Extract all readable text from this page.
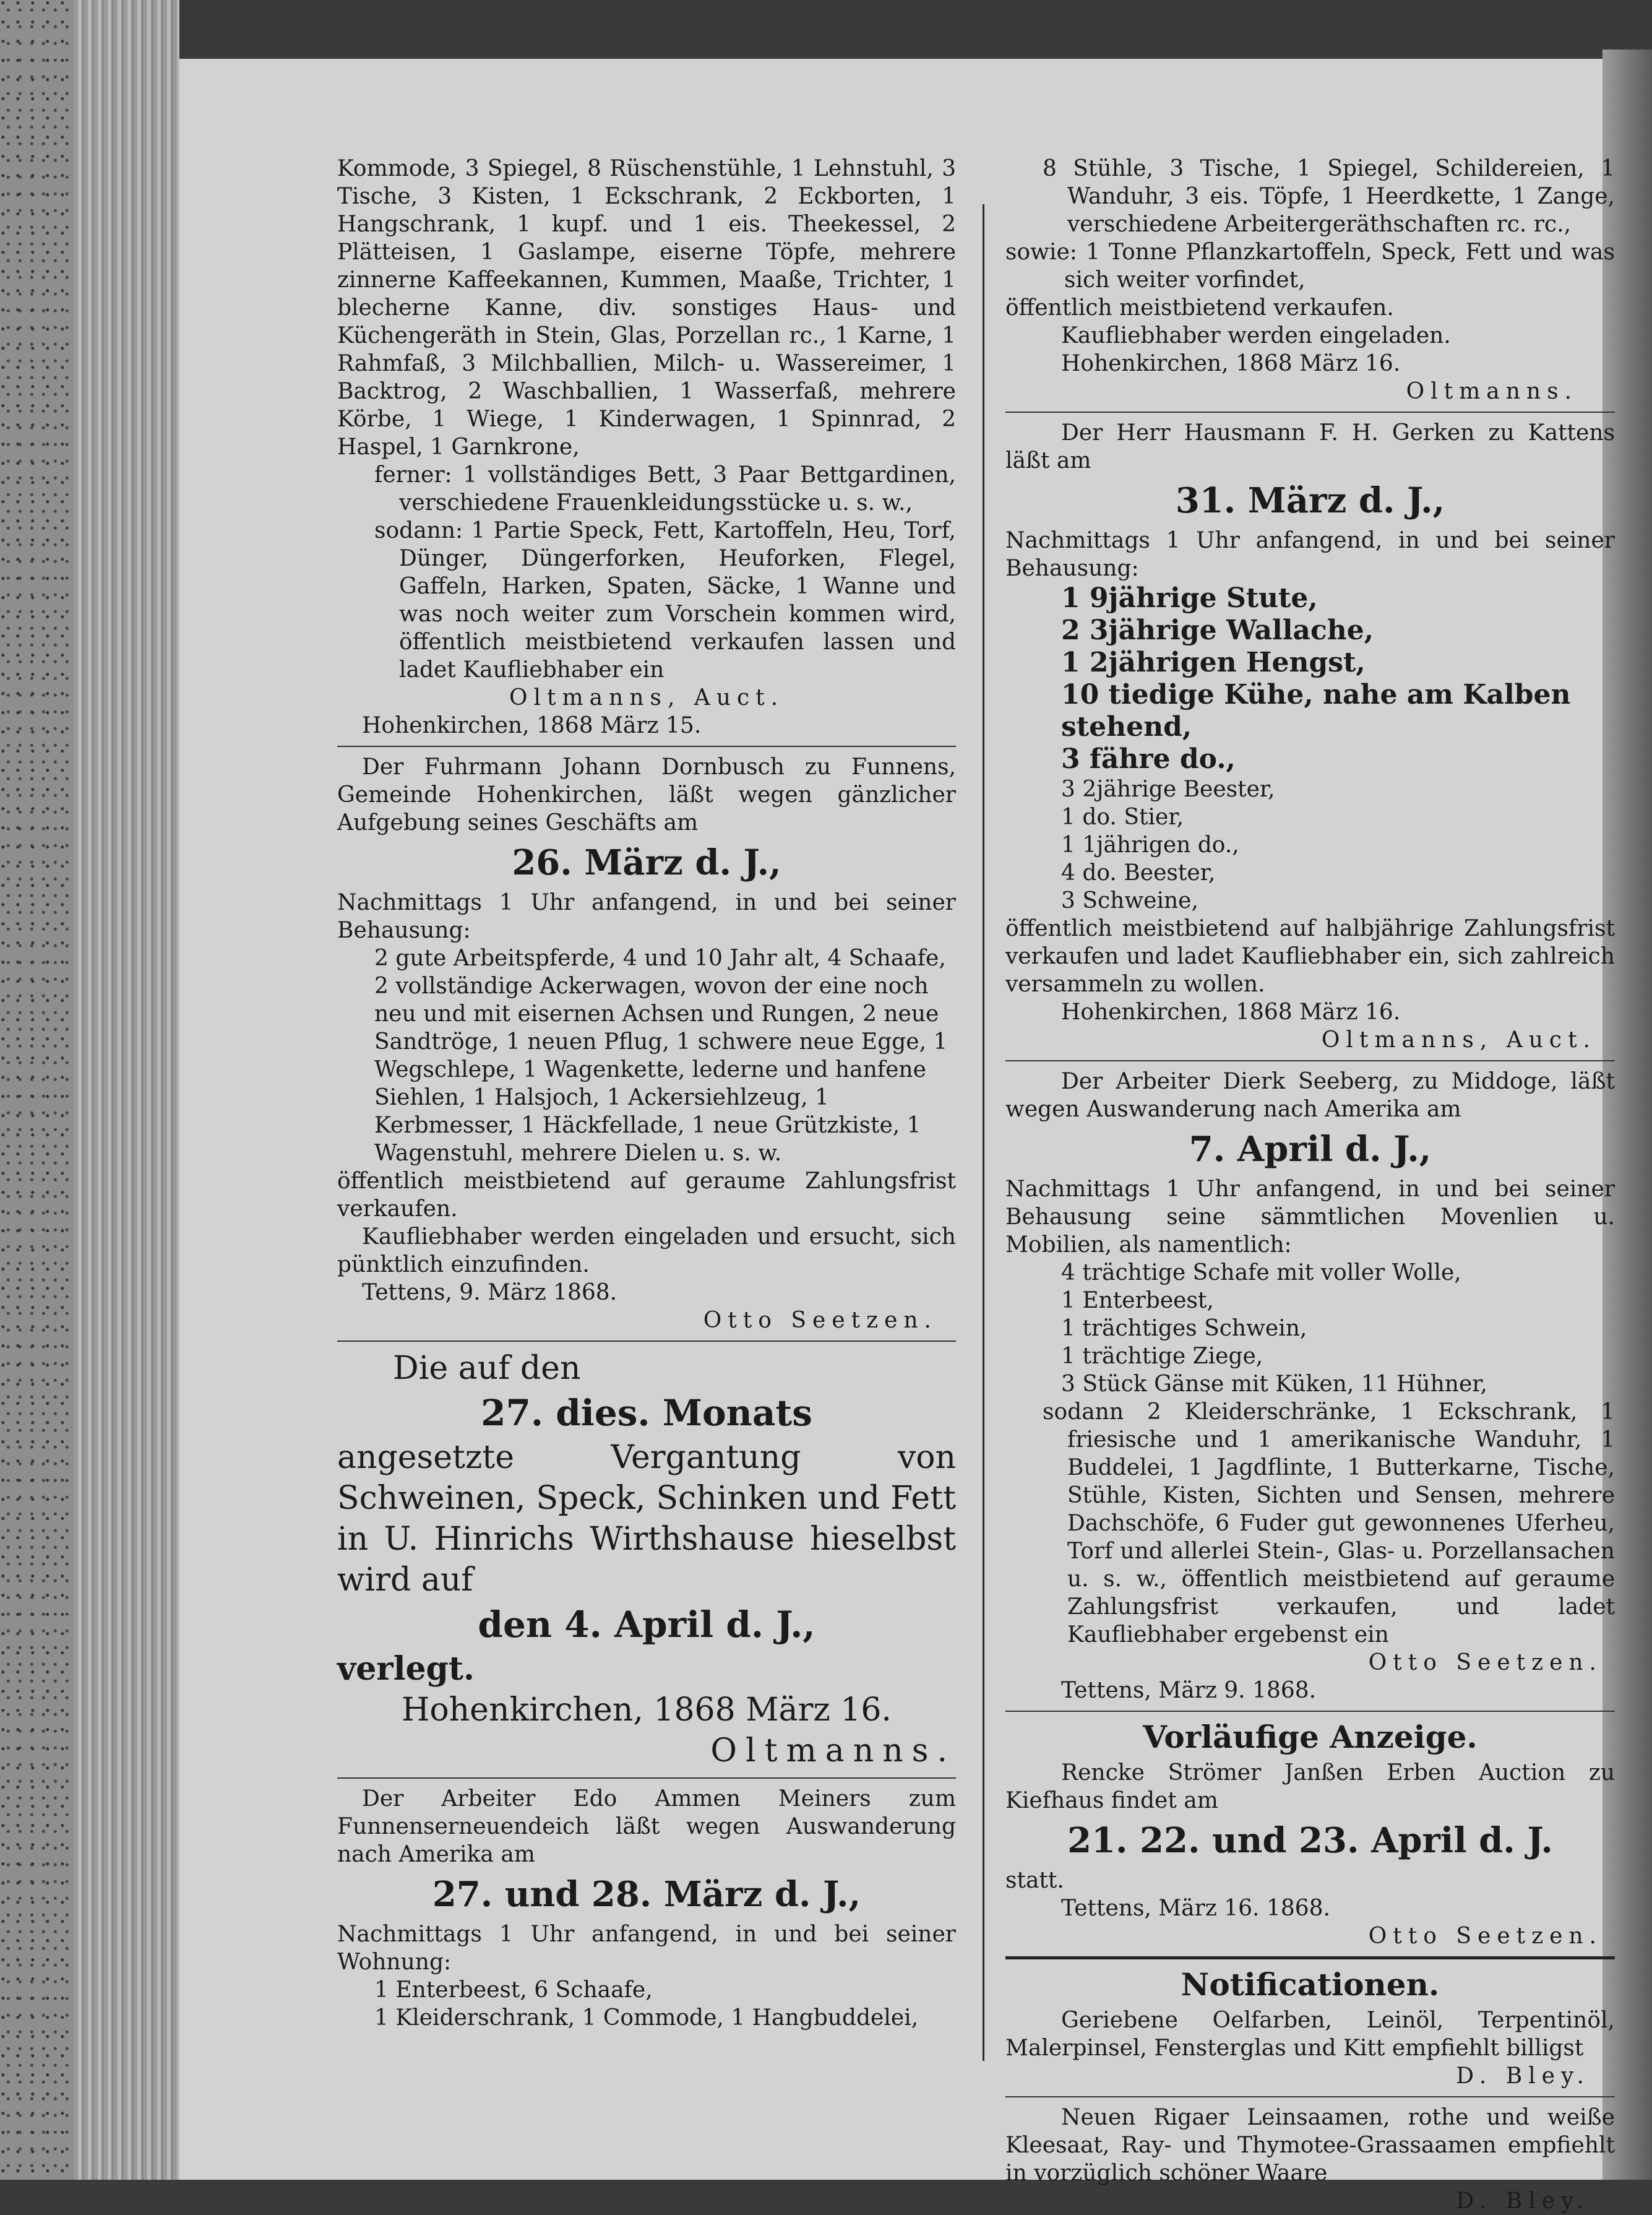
Kommode, 3 Spiegel, 8 Rüschenstühle, 1 Lehnstuhl, 3 Tische, 3 Kisten, 1 Eckschrank, 2 Eckborten, 1 Hangschrank, 1 kupf. und 1 eis. Theekessel, 2 Plätteisen, 1 Gaslampe, eiserne Töpfe, mehrere zinnerne Kaffeekannen, Kummen, Maaße, Trichter, 1 blecherne Kanne, div. sonstiges Haus- und Küchengeräth in Stein, Glas, Porzellan rc., 1 Karne, 1 Rahmfaß, 3 Milchballien, Milch- u. Wassereimer, 1 Backtrog, 2 Waschballien, 1 Wasserfaß, mehrere Körbe, 1 Wiege, 1 Kinderwagen, 1 Spinnrad, 2 Haspel, 1 Garnkrone,

ferner: 1 vollständiges Bett, 3 Paar Bettgardinen, verschiedene Frauenkleidungsstücke u. s. w.,

sodann: 1 Partie Speck, Fett, Kartoffeln, Heu, Torf, Dünger, Düngerforken, Heuforken, Flegel, Gaffeln, Harken, Spaten, Säcke, 1 Wanne und was noch weiter zum Vorschein kommen wird, öffentlich meistbietend verkaufen lassen und ladet Kaufliebhaber ein

Oltmanns, Auct.

Hohenkirchen, 1868 März 15.

Der Fuhrmann Johann Dornbusch zu Funnens, Gemeinde Hohenkirchen, läßt wegen gänzlicher Aufgebung seines Geschäfts am

26. März d. J.,

Nachmittags 1 Uhr anfangend, in und bei seiner Behausung:

2 gute Arbeitspferde, 4 und 10 Jahr alt, 4 Schaafe, 2 vollständige Ackerwagen, wovon der eine noch neu und mit eisernen Achsen und Rungen, 2 neue Sandtröge, 1 neuen Pflug, 1 schwere neue Egge, 1 Wegschlepe, 1 Wagenkette, lederne und hanfene Siehlen, 1 Halsjoch, 1 Ackersiehlzeug, 1 Kerbmesser, 1 Häckfellade, 1 neue Grützkiste, 1 Wagenstuhl, mehrere Dielen u. s. w.

öffentlich meistbietend auf geraume Zahlungsfrist verkaufen.

Kaufliebhaber werden eingeladen und ersucht, sich pünktlich einzufinden.

Tettens, 9. März 1868.

Otto Seetzen.

Die auf den

27. dies. Monats

angesetzte Vergantung von Schweinen, Speck, Schinken und Fett in U. Hinrichs Wirthshause hieselbst wird auf

den 4. April d. J.,

verlegt.

Hohenkirchen, 1868 März 16.

Oltmanns.

Der Arbeiter Edo Ammen Meiners zum Funnenserneuendeich läßt wegen Auswanderung nach Amerika am

27. und 28. März d. J.,

Nachmittags 1 Uhr anfangend, in und bei seiner Wohnung:

1 Enterbeest, 6 Schaafe,

1 Kleiderschrank, 1 Commode, 1 Hangbuddelei,

8 Stühle, 3 Tische, 1 Spiegel, Schildereien, 1 Wanduhr, 3 eis. Töpfe, 1 Heerdkette, 1 Zange, verschiedene Arbeitergeräthschaften rc. rc.,

sowie: 1 Tonne Pflanzkartoffeln, Speck, Fett und was sich weiter vorfindet,

öffentlich meistbietend verkaufen.

Kaufliebhaber werden eingeladen.

Hohenkirchen, 1868 März 16.

Oltmanns.

Der Herr Hausmann F. H. Gerken zu Kattens läßt am

31. März d. J.,

Nachmittags 1 Uhr anfangend, in und bei seiner Behausung:

1 9jährige Stute,

2 3jährige Wallache,

1 2jährigen Hengst,

10 tiedige Kühe, nahe am Kalben stehend,

3 fähre do.,

3 2jährige Beester,

1 do. Stier,

1 1jährigen do.,

4 do. Beester,

3 Schweine,

öffentlich meistbietend auf halbjährige Zahlungsfrist verkaufen und ladet Kaufliebhaber ein, sich zahlreich versammeln zu wollen.

Hohenkirchen, 1868 März 16.

Oltmanns, Auct.

Der Arbeiter Dierk Seeberg, zu Middoge, läßt wegen Auswanderung nach Amerika am

7. April d. J.,

Nachmittags 1 Uhr anfangend, in und bei seiner Behausung seine sämmtlichen Movenlien u. Mobilien, als namentlich:

4 trächtige Schafe mit voller Wolle,

1 Enterbeest,

1 trächtiges Schwein,

1 trächtige Ziege,

3 Stück Gänse mit Küken, 11 Hühner,

sodann 2 Kleiderschränke, 1 Eckschrank, 1 friesische und 1 amerikanische Wanduhr, 1 Buddelei, 1 Jagdflinte, 1 Butterkarne, Tische, Stühle, Kisten, Sichten und Sensen, mehrere Dachschöfe, 6 Fuder gut gewonnenes Uferheu, Torf und allerlei Stein-, Glas- u. Porzellansachen u. s. w., öffentlich meistbietend auf geraume Zahlungsfrist verkaufen, und ladet Kaufliebhaber ergebenst ein

Otto Seetzen.

Tettens, März 9. 1868.

Vorläufige Anzeige.

Rencke Strömer Janßen Erben Auction zu Kiefhaus findet am

21. 22. und 23. April d. J.

statt.

Tettens, März 16. 1868.

Otto Seetzen.

Notificationen.

Geriebene Oelfarben, Leinöl, Terpentinöl, Malerpinsel, Fensterglas und Kitt empfiehlt billigst

D. Bley.

Neuen Rigaer Leinsaamen, rothe und weiße Kleesaat, Ray- und Thymotee-Grassaamen empfiehlt in vorzüglich schöner Waare

D. Bley.
